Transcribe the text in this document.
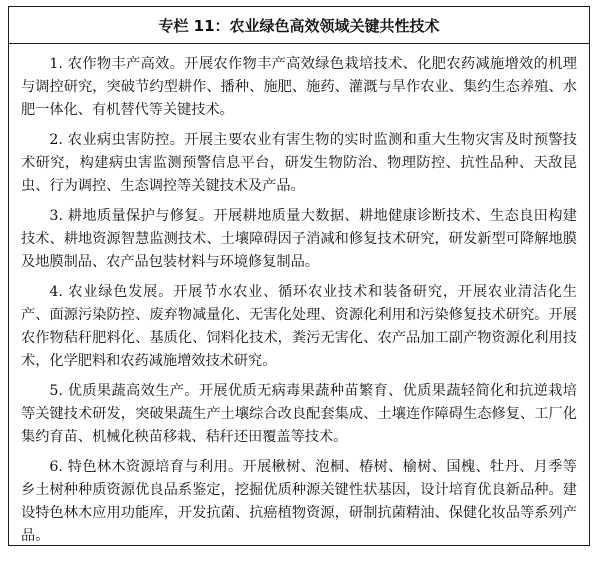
专栏 11：农业绿色高效领域关键共性技术

1. 农作物丰产高效。开展农作物丰产高效绿色栽培技术、化肥农药减施增效的机理与调控研究，突破节约型耕作、播种、施肥、施药、灌溉与旱作农业、集约生态养殖、水肥一体化、有机替代等关键技术。

2. 农业病虫害防控。开展主要农业有害生物的实时监测和重大生物灾害及时预警技术研究，构建病虫害监测预警信息平台，研发生物防治、物理防控、抗性品种、天敌昆虫、行为调控、生态调控等关键技术及产品。

3. 耕地质量保护与修复。开展耕地质量大数据、耕地健康诊断技术、生态良田构建技术、耕地资源智慧监测技术、土壤障碍因子消减和修复技术研究，研发新型可降解地膜及地膜制品、农产品包装材料与环境修复制品。

4. 农业绿色发展。开展节水农业、循环农业技术和装备研究，开展农业清洁化生产、面源污染防控、废弃物减量化、无害化处理、资源化利用和污染修复技术研究。开展农作物秸秆肥料化、基质化、饲料化技术，粪污无害化、农产品加工副产物资源化利用技术，化学肥料和农药减施增效技术研究。

5. 优质果蔬高效生产。开展优质无病毒果蔬种苗繁育、优质果蔬轻简化和抗逆栽培等关键技术研发，突破果蔬生产土壤综合改良配套集成、土壤连作障碍生态修复、工厂化集约育苗、机械化秧苗移栽、秸秆还田覆盖等技术。

6. 特色林木资源培育与利用。开展楸树、泡桐、椿树、榆树、国槐、牡丹、月季等乡土树种种质资源优良品系鉴定，挖掘优质种源关键性状基因，设计培育优良新品种。建设特色林木应用功能库，开发抗菌、抗癌植物资源，研制抗菌精油、保健化妆品等系列产品。
